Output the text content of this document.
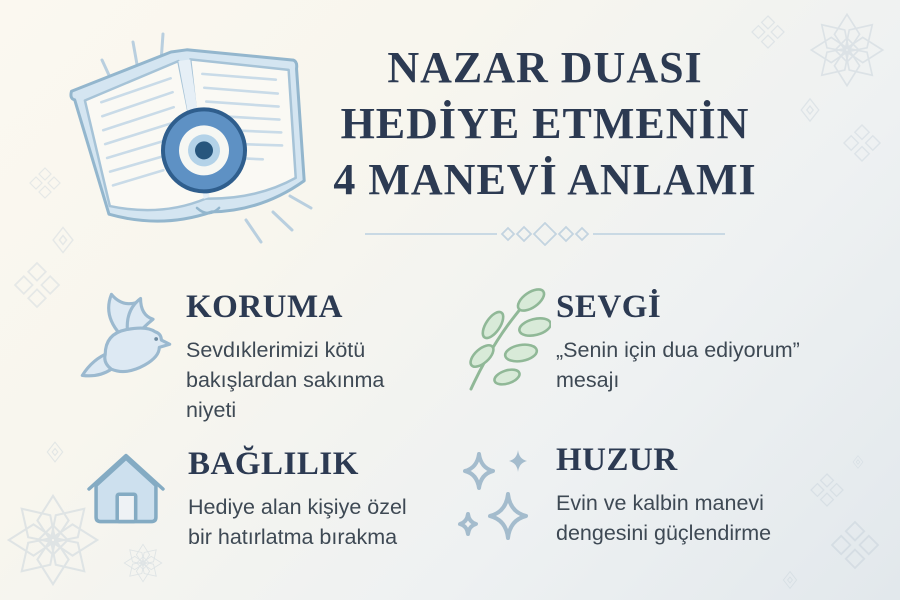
NAZAR DUASI
HEDİYE ETMENİN
4 MANEVİ ANLAMI
KORUMA

Sevdıklerimizi kötü
bakışlardan sakınma
niyeti

SEVGİ

„Senin için dua ediyorum”
mesajı

BAĞLILIK

Hediye alan kişiye özel
bir hatırlatma bırakma

HUZUR

Evin ve kalbin manevi
dengesini güçlendirme
